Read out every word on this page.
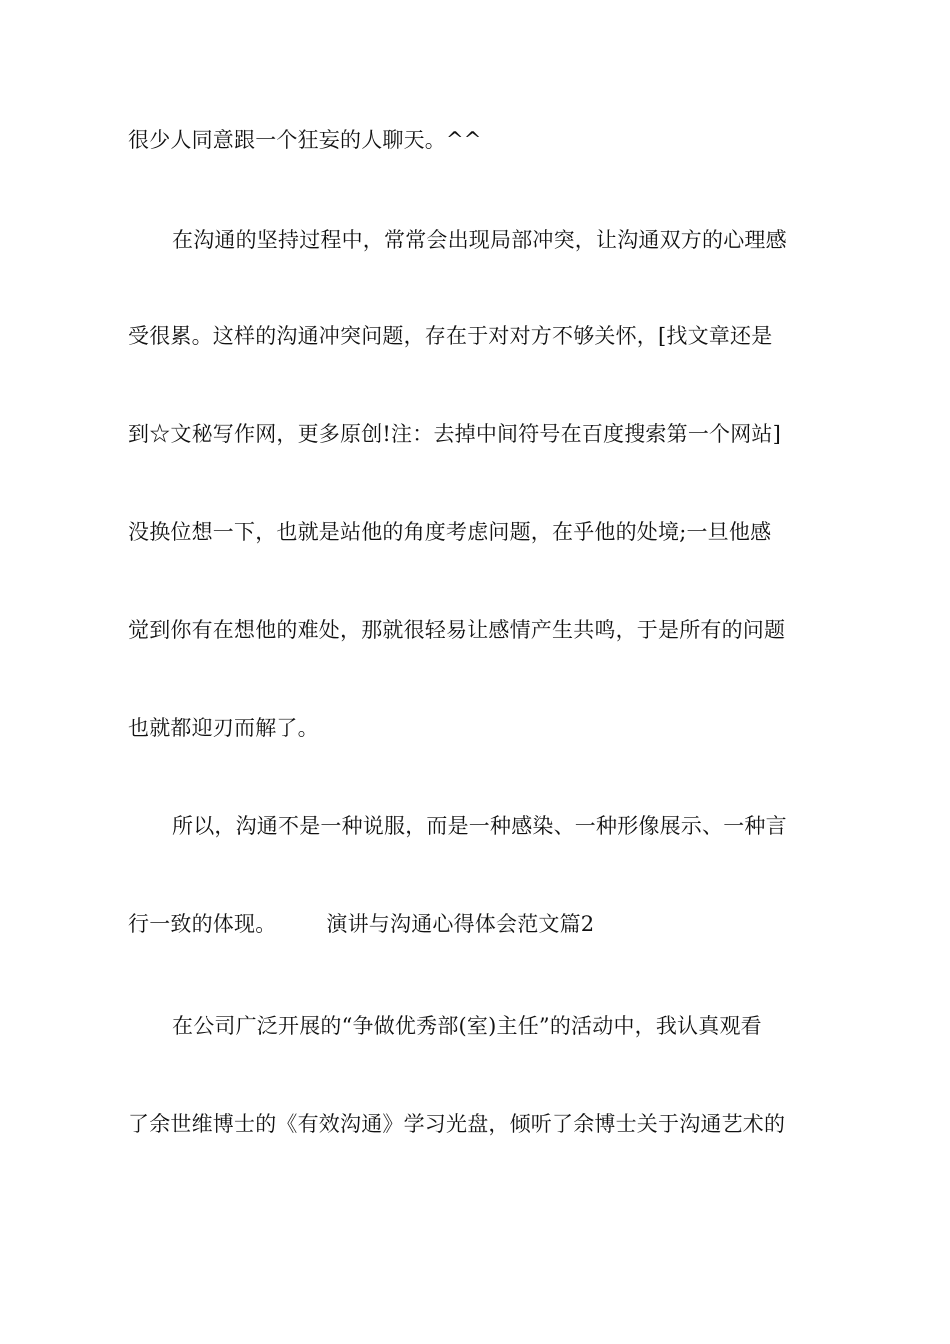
很少人同意跟一个狂妄的人聊天。^^
在沟通的坚持过程中，常常会出现局部冲突，让沟通双方的心理感
受很累。这样的沟通冲突问题，存在于对对方不够关怀，[找文章还是
到☆文秘写作网，更多原创!注：去掉中间符号在百度搜索第一个网站]
没换位想一下，也就是站他的角度考虑问题，在乎他的处境;一旦他感
觉到你有在想他的难处，那就很轻易让感情产生共鸣，于是所有的问题
也就都迎刃而解了。
所以，沟通不是一种说服，而是一种感染、一种形像展示、一种言
行一致的体现。 演讲与沟通心得体会范文篇2
在公司广泛开展的“争做优秀部(室)主任”的活动中，我认真观看
了余世维博士的《有效沟通》学习光盘，倾听了余博士关于沟通艺术的
